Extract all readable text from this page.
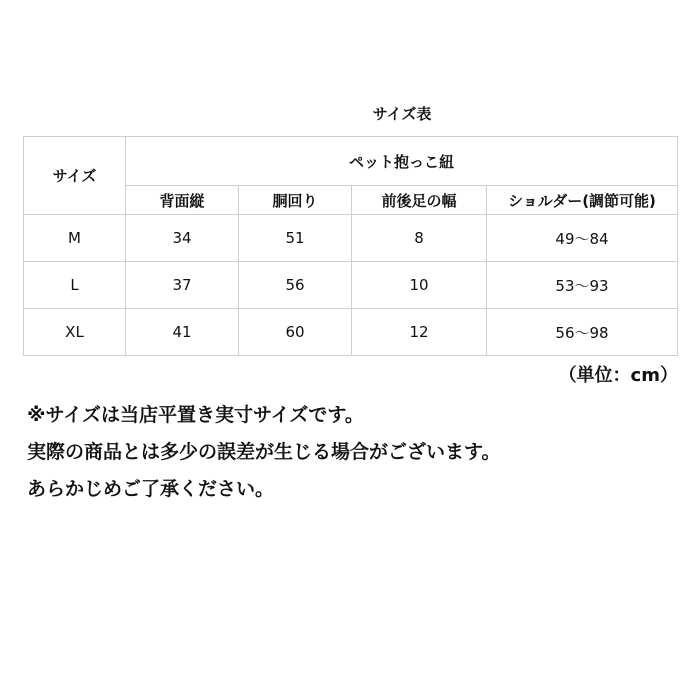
サイズ表
サイズ	ペット抱っこ紐			
	背面縦	胴回り	前後足の幅	ショルダー(調節可能)
M	34	51	8	49～84
L	37	56	10	53～93
XL	41	60	12	56～98
（単位：cm）
※サイズは当店平置き実寸サイズです。
実際の商品とは多少の誤差が生じる場合がございます。
あらかじめご了承ください。
